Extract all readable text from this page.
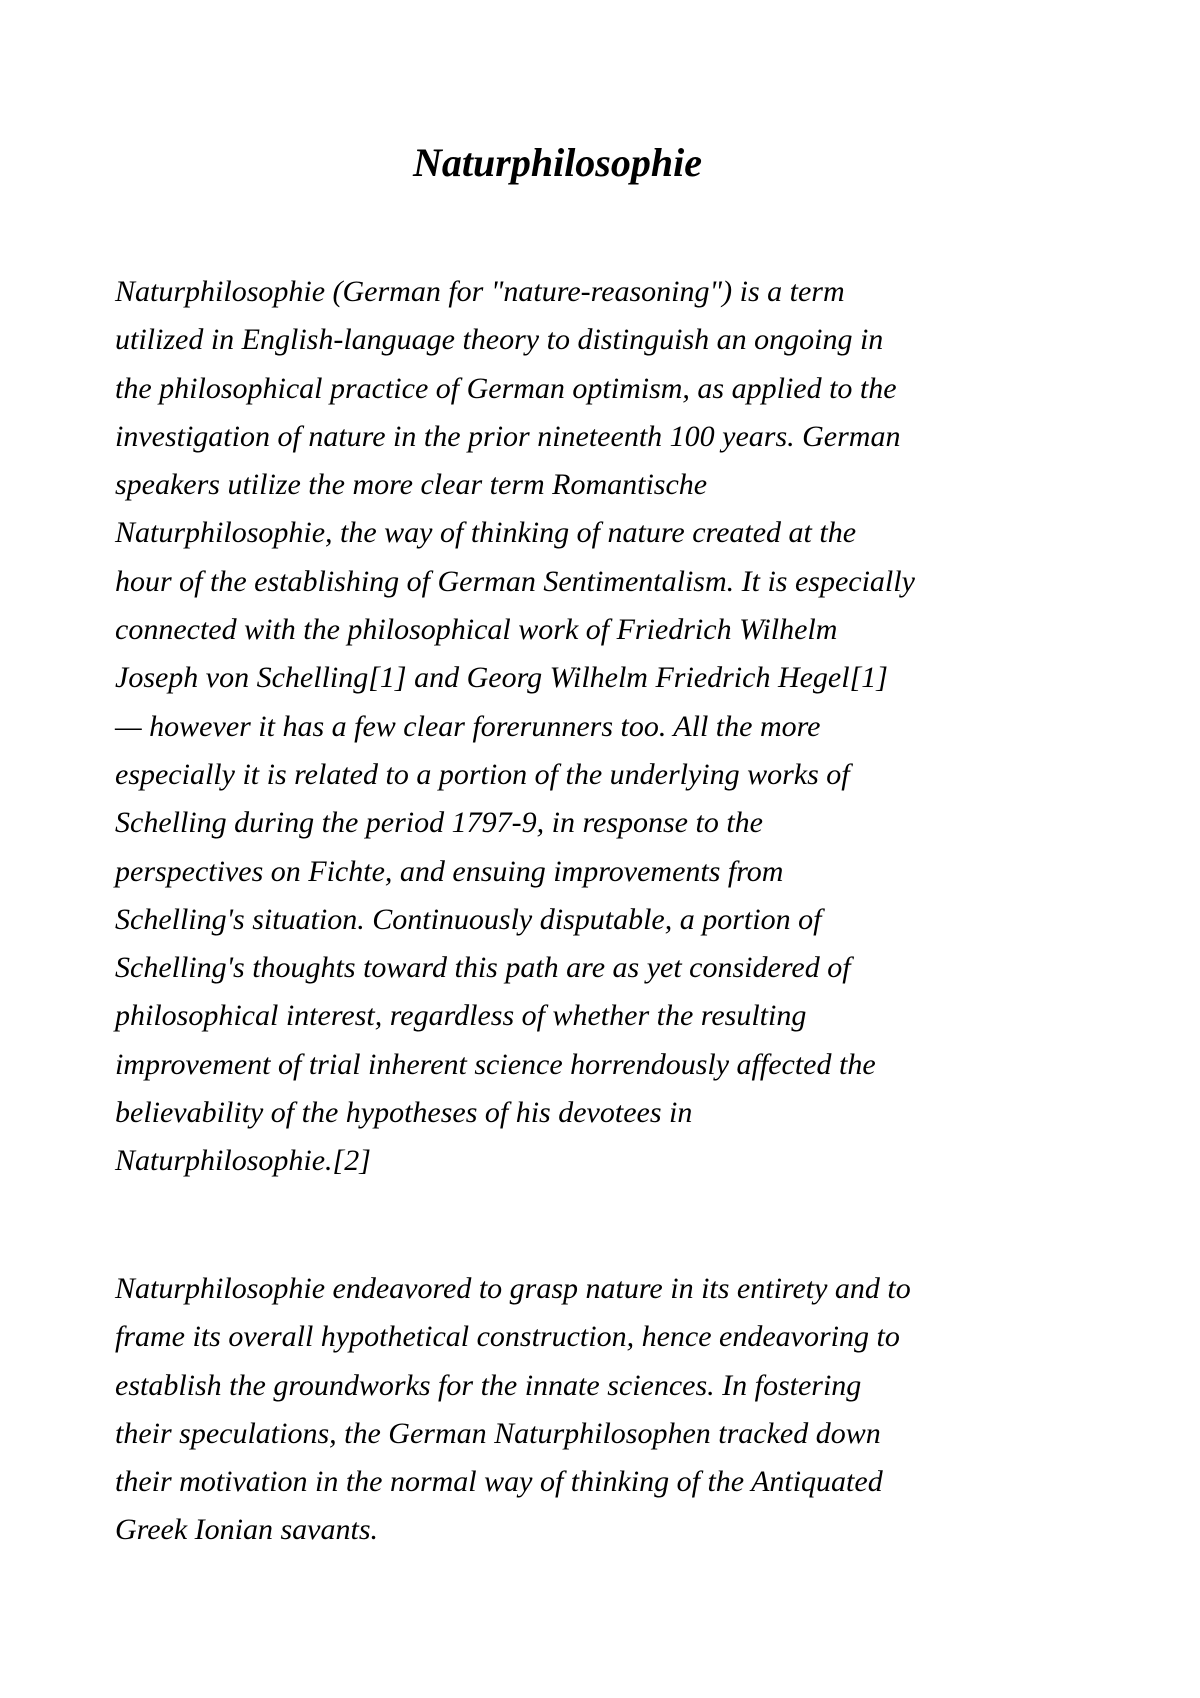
Naturphilosophie

Naturphilosophie (German for "nature-reasoning") is a term
utilized in English-language theory to distinguish an ongoing in
the philosophical practice of German optimism, as applied to the
investigation of nature in the prior nineteenth 100 years. German
speakers utilize the more clear term Romantische
Naturphilosophie, the way of thinking of nature created at the
hour of the establishing of German Sentimentalism. It is especially
connected with the philosophical work of Friedrich Wilhelm
Joseph von Schelling[1] and Georg Wilhelm Friedrich Hegel[1]
— however it has a few clear forerunners too. All the more
especially it is related to a portion of the underlying works of
Schelling during the period 1797-9, in response to the
perspectives on Fichte, and ensuing improvements from
Schelling's situation. Continuously disputable, a portion of
Schelling's thoughts toward this path are as yet considered of
philosophical interest, regardless of whether the resulting
improvement of trial inherent science horrendously affected the
believability of the hypotheses of his devotees in
Naturphilosophie.[2]

Naturphilosophie endeavored to grasp nature in its entirety and to
frame its overall hypothetical construction, hence endeavoring to
establish the groundworks for the innate sciences. In fostering
their speculations, the German Naturphilosophen tracked down
their motivation in the normal way of thinking of the Antiquated
Greek Ionian savants.
